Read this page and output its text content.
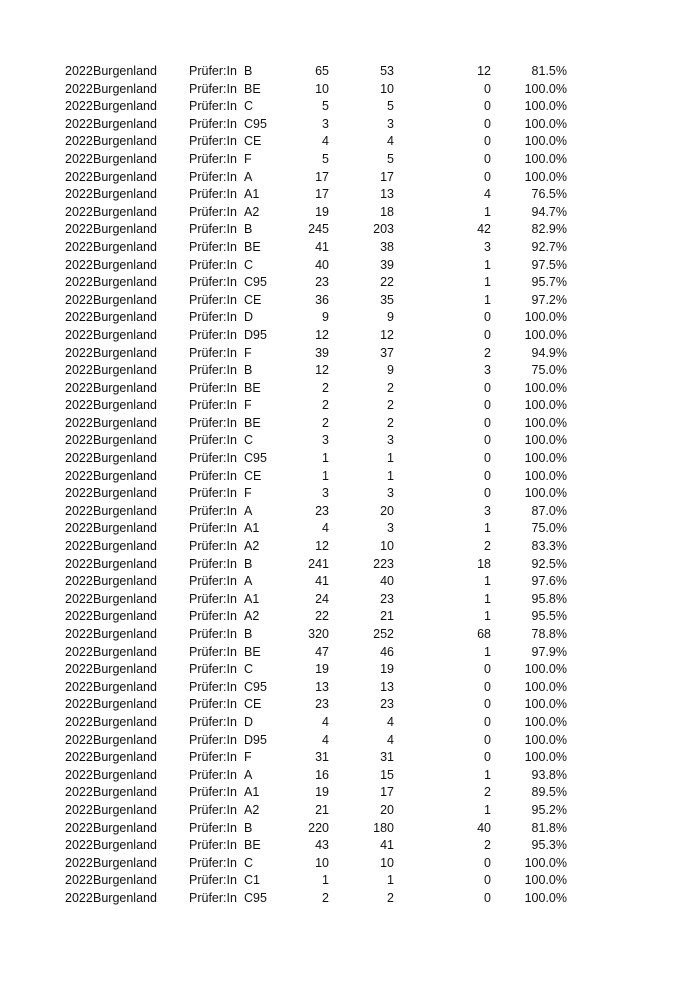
2022 Burgenland	Prüfer:In B	65	53	12	81.5%
2022 Burgenland	Prüfer:In BE	10	10	0	100.0%
2022 Burgenland	Prüfer:In C	5	5	0	100.0%
2022 Burgenland	Prüfer:In C95	3	3	0	100.0%
2022 Burgenland	Prüfer:In CE	4	4	0	100.0%
2022 Burgenland	Prüfer:In F	5	5	0	100.0%
2022 Burgenland	Prüfer:In A	17	17	0	100.0%
2022 Burgenland	Prüfer:In A1	17	13	4	76.5%
2022 Burgenland	Prüfer:In A2	19	18	1	94.7%
2022 Burgenland	Prüfer:In B	245	203	42	82.9%
2022 Burgenland	Prüfer:In BE	41	38	3	92.7%
2022 Burgenland	Prüfer:In C	40	39	1	97.5%
2022 Burgenland	Prüfer:In C95	23	22	1	95.7%
2022 Burgenland	Prüfer:In CE	36	35	1	97.2%
2022 Burgenland	Prüfer:In D	9	9	0	100.0%
2022 Burgenland	Prüfer:In D95	12	12	0	100.0%
2022 Burgenland	Prüfer:In F	39	37	2	94.9%
2022 Burgenland	Prüfer:In B	12	9	3	75.0%
2022 Burgenland	Prüfer:In BE	2	2	0	100.0%
2022 Burgenland	Prüfer:In F	2	2	0	100.0%
2022 Burgenland	Prüfer:In BE	2	2	0	100.0%
2022 Burgenland	Prüfer:In C	3	3	0	100.0%
2022 Burgenland	Prüfer:In C95	1	1	0	100.0%
2022 Burgenland	Prüfer:In CE	1	1	0	100.0%
2022 Burgenland	Prüfer:In F	3	3	0	100.0%
2022 Burgenland	Prüfer:In A	23	20	3	87.0%
2022 Burgenland	Prüfer:In A1	4	3	1	75.0%
2022 Burgenland	Prüfer:In A2	12	10	2	83.3%
2022 Burgenland	Prüfer:In B	241	223	18	92.5%
2022 Burgenland	Prüfer:In A	41	40	1	97.6%
2022 Burgenland	Prüfer:In A1	24	23	1	95.8%
2022 Burgenland	Prüfer:In A2	22	21	1	95.5%
2022 Burgenland	Prüfer:In B	320	252	68	78.8%
2022 Burgenland	Prüfer:In BE	47	46	1	97.9%
2022 Burgenland	Prüfer:In C	19	19	0	100.0%
2022 Burgenland	Prüfer:In C95	13	13	0	100.0%
2022 Burgenland	Prüfer:In CE	23	23	0	100.0%
2022 Burgenland	Prüfer:In D	4	4	0	100.0%
2022 Burgenland	Prüfer:In D95	4	4	0	100.0%
2022 Burgenland	Prüfer:In F	31	31	0	100.0%
2022 Burgenland	Prüfer:In A	16	15	1	93.8%
2022 Burgenland	Prüfer:In A1	19	17	2	89.5%
2022 Burgenland	Prüfer:In A2	21	20	1	95.2%
2022 Burgenland	Prüfer:In B	220	180	40	81.8%
2022 Burgenland	Prüfer:In BE	43	41	2	95.3%
2022 Burgenland	Prüfer:In C	10	10	0	100.0%
2022 Burgenland	Prüfer:In C1	1	1	0	100.0%
2022 Burgenland	Prüfer:In C95	2	2	0	100.0%
